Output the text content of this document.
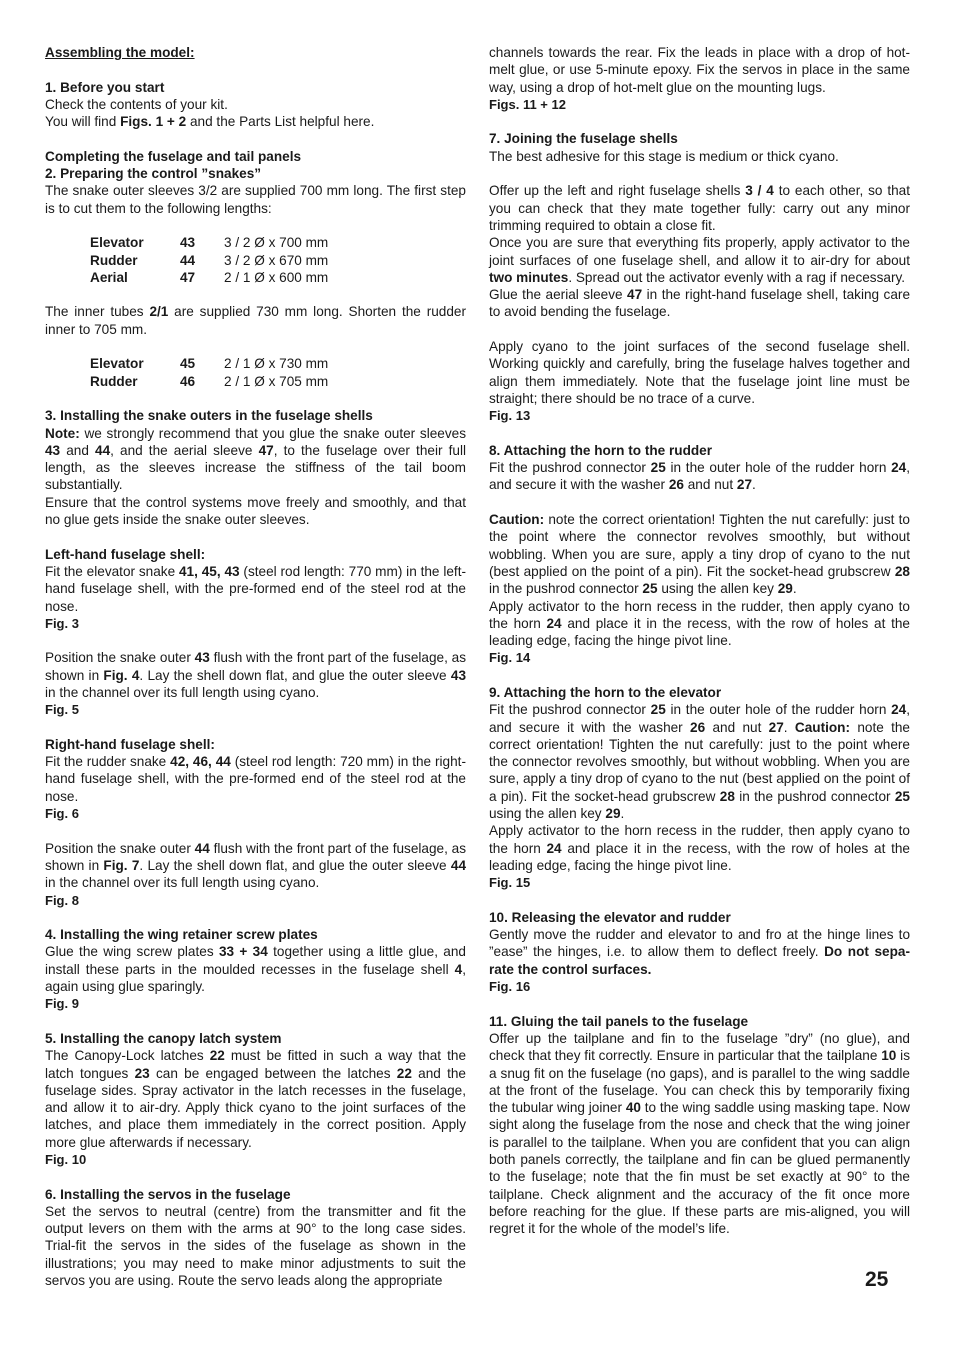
Assembling the model:

1. Before you start

Check the contents of your kit.

You will find Figs. 1 + 2 and the Parts List helpful here.

Completing the fuselage and tail panels

2. Preparing the control ”snakes”

The snake outer sleeves 3/2 are supplied 700 mm long. The first step is to cut them to the following lengths:

Elevator	43	3 / 2 Ø x 700 mm
Rudder	44	3 / 2 Ø x 670 mm
Aerial	47	2 / 1 Ø x 600 mm

The inner tubes 2/1 are supplied 730 mm long. Shorten the rudder inner to 705 mm.

Elevator	45	2 / 1 Ø x 730 mm
Rudder	46	2 / 1 Ø x 705 mm

3. Installing the snake outers in the fuselage shells

Note: we strongly recommend that you glue the snake outer sleeves 43 and 44, and the aerial sleeve 47, to the fuselage over their full length, as the sleeves increase the stiffness of the tail boom substantially.

Ensure that the control systems move freely and smoothly, and that no glue gets inside the snake outer sleeves.

Left-hand fuselage shell:

Fit the elevator snake 41, 45, 43 (steel rod length: 770 mm) in the left-hand fuselage shell, with the pre-formed end of the steel rod at the nose.

Fig. 3

Position the snake outer 43 flush with the front part of the fuselage, as shown in Fig. 4. Lay the shell down flat, and glue the outer sleeve 43 in the channel over its full length using cyano.

Fig. 5

Right-hand fuselage shell:

Fit the rudder snake 42, 46, 44 (steel rod length: 720 mm) in the right-hand fuselage shell, with the pre-formed end of the steel rod at the nose.

Fig. 6

Position the snake outer 44 flush with the front part of the fuselage, as shown in Fig. 7. Lay the shell down flat, and glue the outer sleeve 44 in the channel over its full length using cyano.

Fig. 8

4. Installing the wing retainer screw plates

Glue the wing screw plates 33 + 34 together using a little glue, and install these parts in the moulded recesses in the fuselage shell 4, again using glue sparingly.

Fig. 9

5. Installing the canopy latch system

The Canopy-Lock latches 22 must be fitted in such a way that the latch tongues 23 can be engaged between the latches 22 and the fuselage sides. Spray activator in the latch recesses in the fuselage, and allow it to air-dry. Apply thick cyano to the joint surfaces of the latches, and place them immediately in the correct position. Apply more glue afterwards if necessary.

Fig. 10

6. Installing the servos in the fuselage

Set the servos to neutral (centre) from the transmitter and fit the output levers on them with the arms at 90° to the long case sides. Trial-fit the servos in the sides of the fuselage as shown in the illustrations; you may need to make minor adjustments to suit the servos you are using. Route the servo leads along the appropriate

channels towards the rear. Fix the leads in place with a drop of hot-melt glue, or use 5-minute epoxy. Fix the servos in place in the same way, using a drop of hot-melt glue on the mounting lugs.

Figs. 11 + 12

7. Joining the fuselage shells

The best adhesive for this stage is medium or thick cyano.

Offer up the left and right fuselage shells 3 / 4 to each other, so that you can check that they mate together fully: carry out any minor trimming required to obtain a close fit.

Once you are sure that everything fits properly, apply activator to the joint surfaces of one fuselage shell, and allow it to air-dry for about two minutes. Spread out the activator evenly with a rag if necessary.

Glue the aerial sleeve 47 in the right-hand fuselage shell, taking care to avoid bending the fuselage.

Apply cyano to the joint surfaces of the second fuselage shell. Working quickly and carefully, bring the fuselage halves together and align them immediately. Note that the fuselage joint line must be straight; there should be no trace of a curve.

Fig. 13

8. Attaching the horn to the rudder

Fit the pushrod connector 25 in the outer hole of the rudder horn 24, and secure it with the washer 26 and nut 27.

Caution: note the correct orientation! Tighten the nut carefully: just to the point where the connector revolves smoothly, but without wobbling. When you are sure, apply a tiny drop of cyano to the nut (best applied on the point of a pin). Fit the socket-head grubscrew 28 in the pushrod connector 25 using the allen key 29.

Apply activator to the horn recess in the rudder, then apply cyano to the horn 24 and place it in the recess, with the row of holes at the leading edge, facing the hinge pivot line.

Fig. 14

9. Attaching the horn to the elevator

Fit the pushrod connector 25 in the outer hole of the rudder horn 24, and secure it with the washer 26 and nut 27. Caution: note the correct orientation! Tighten the nut carefully: just to the point where the connector revolves smoothly, but without wobbling. When you are sure, apply a tiny drop of cyano to the nut (best applied on the point of a pin). Fit the socket-head grubscrew 28 in the pushrod connector 25 using the allen key 29.

Apply activator to the horn recess in the rudder, then apply cyano to the horn 24 and place it in the recess, with the row of holes at the leading edge, facing the hinge pivot line.

Fig. 15

10. Releasing the elevator and rudder

Gently move the rudder and elevator to and fro at the hinge lines to ”ease” the hinges, i.e. to allow them to deflect freely. Do not sepa-rate the control surfaces.

Fig. 16

11. Gluing the tail panels to the fuselage

Offer up the tailplane and fin to the fuselage ”dry” (no glue), and check that they fit correctly. Ensure in particular that the tailplane 10 is a snug fit on the fuselage (no gaps), and is parallel to the wing saddle at the front of the fuselage. You can check this by temporarily fixing the tubular wing joiner 40 to the wing saddle using masking tape. Now sight along the fuselage from the nose and check that the wing joiner is parallel to the tailplane. When you are confident that you can align both panels correctly, the tailplane and fin can be glued permanently to the fuselage; note that the fin must be set exactly at 90° to the tailplane. Check alignment and the accuracy of the fit once more before reaching for the glue. If these parts are mis-aligned, you will regret it for the whole of the model’s life.

25
